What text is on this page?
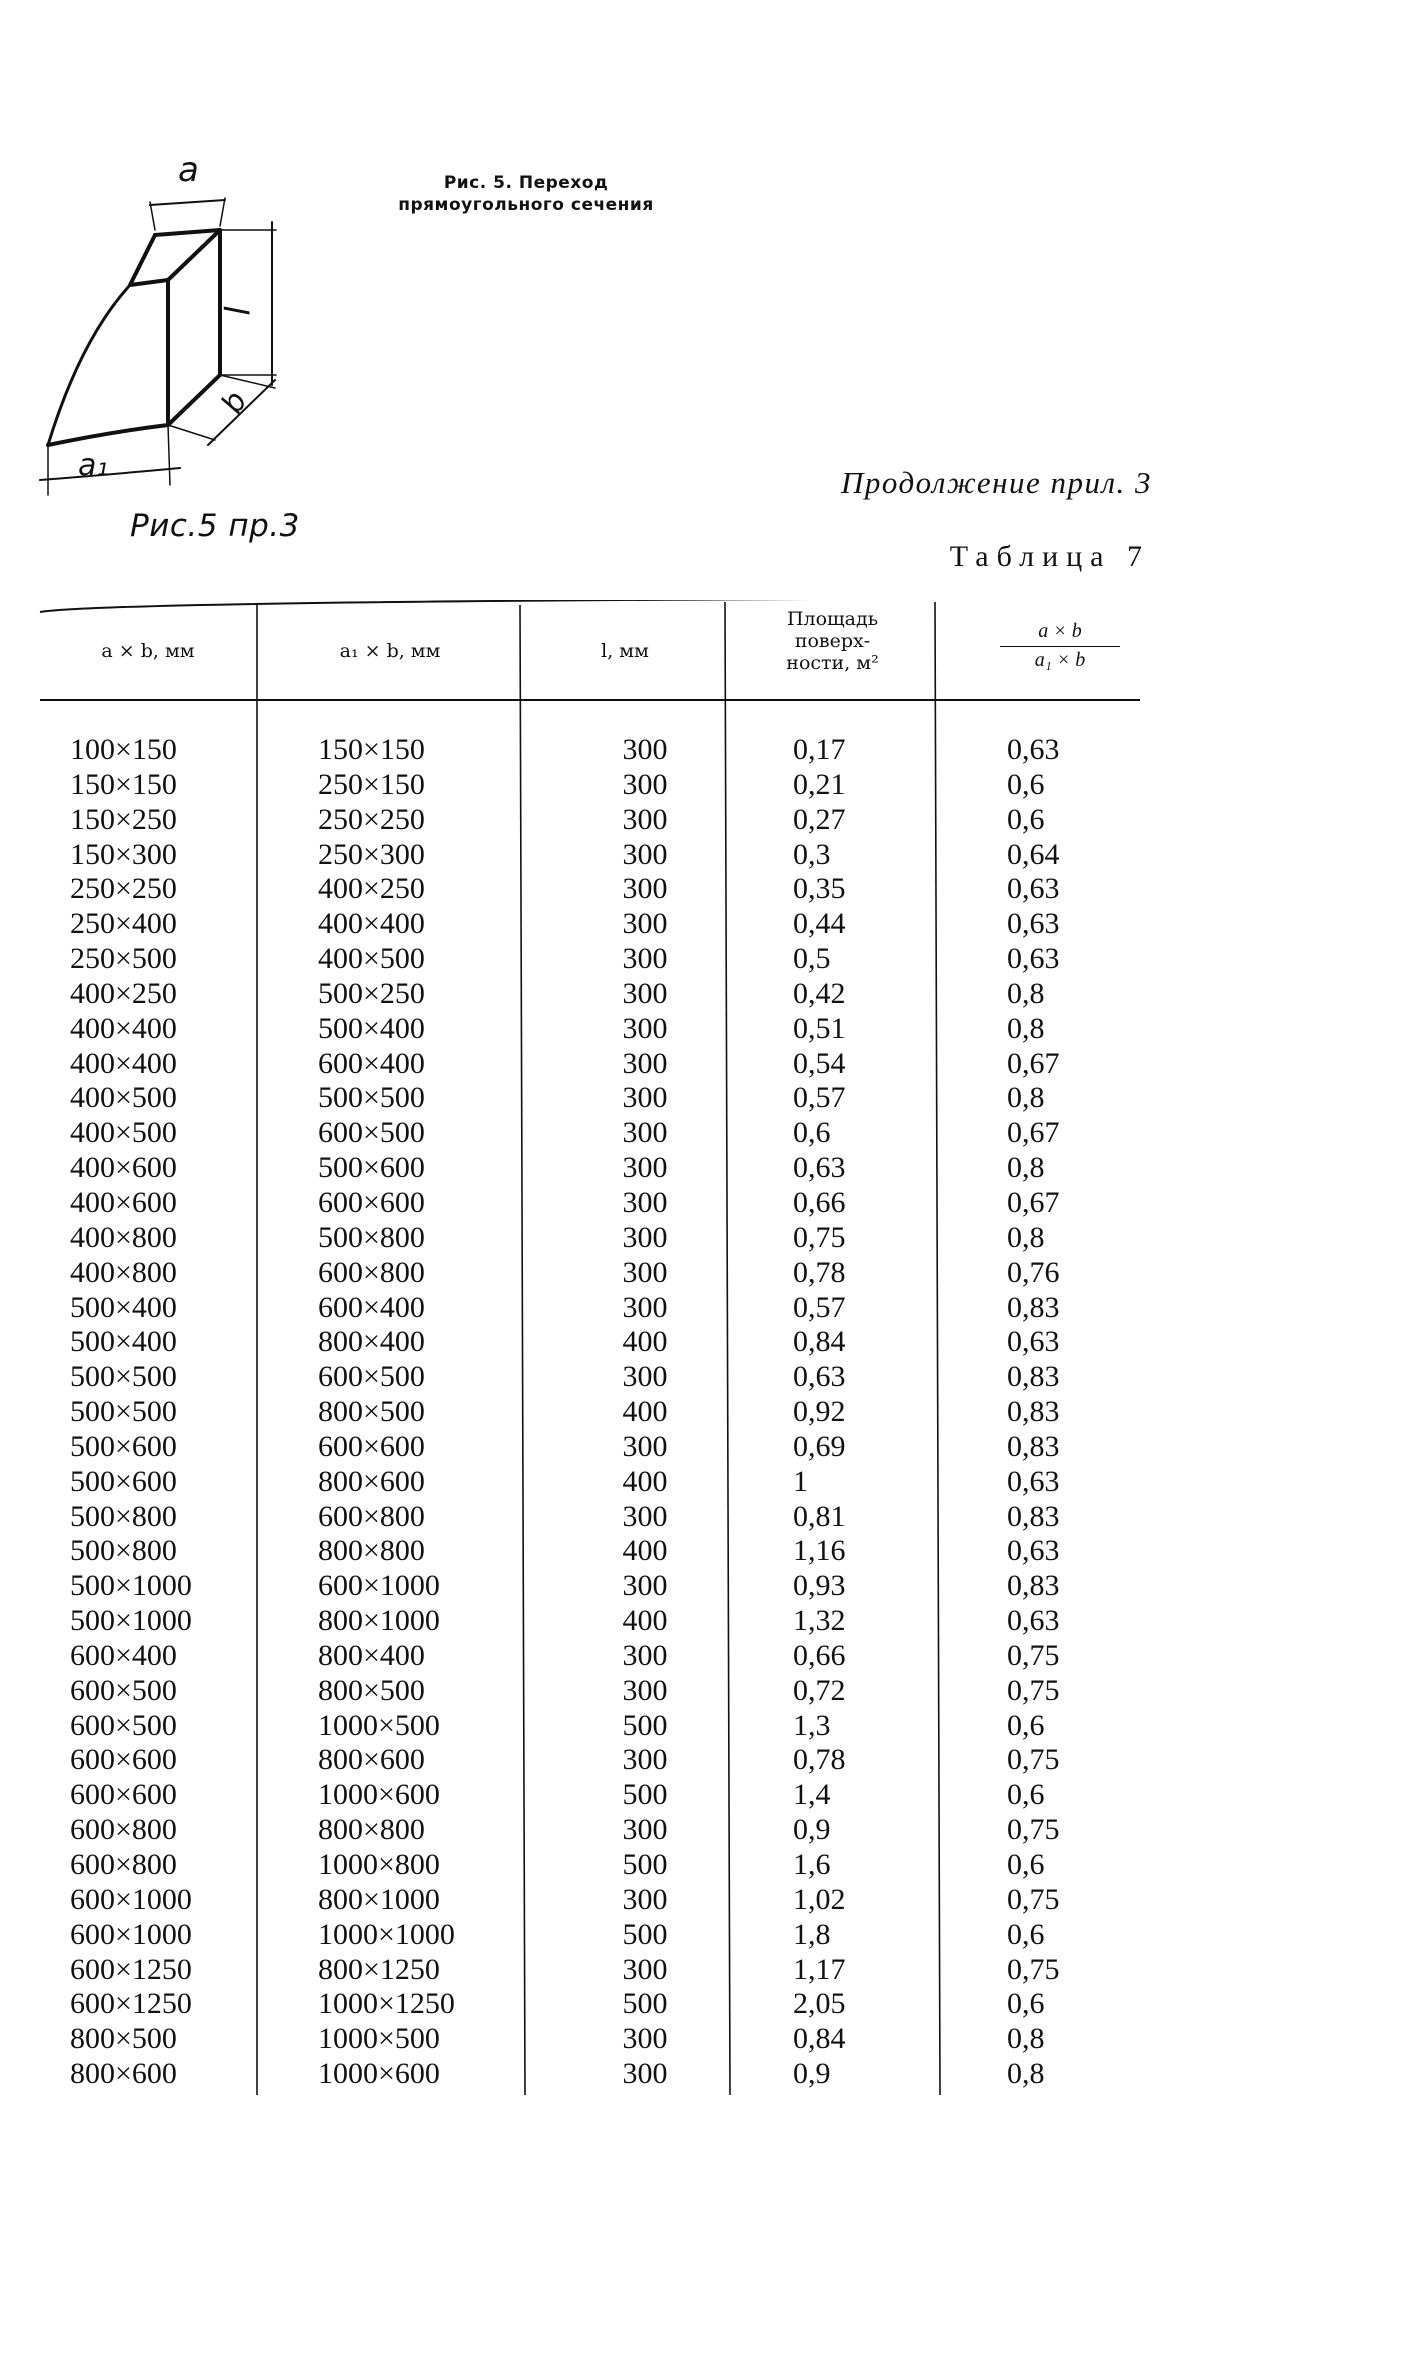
a
l
b
a₁
Рис. 5. Переход
прямоугольного сечения
Рис.5 пр.3
Продолжение прил. 3
Таблица 7
a × b, мм	a₁ × b, мм	l, мм
Площадь
поверх-
ности, м²	$\frac{a \times b}{\text{a₁ × b}}$
100×150	150×150	300	0,17	0,63
150×150	250×150	300	0,21	0,6
150×250	250×250	300	0,27	0,6
150×300	250×300	300	0,3	0,64
250×250	400×250	300	0,35	0,63
250×400	400×400	300	0,44	0,63
250×500	400×500	300	0,5	0,63
400×250	500×250	300	0,42	0,8
400×400	500×400	300	0,51	0,8
400×400	600×400	300	0,54	0,67
400×500	500×500	300	0,57	0,8
400×500	600×500	300	0,6	0,67
400×600	500×600	300	0,63	0,8
400×600	600×600	300	0,66	0,67
400×800	500×800	300	0,75	0,8
400×800	600×800	300	0,78	0,76
500×400	600×400	300	0,57	0,83
500×400	800×400	400	0,84	0,63
500×500	600×500	300	0,63	0,83
500×500	800×500	400	0,92	0,83
500×600	600×600	300	0,69	0,83
500×600	800×600	400	1	0,63
500×800	600×800	300	0,81	0,83
500×800	800×800	400	1,16	0,63
500×1000	600×1000	300	0,93	0,83
500×1000	800×1000	400	1,32	0,63
600×400	800×400	300	0,66	0,75
600×500	800×500	300	0,72	0,75
600×500	1000×500	500	1,3	0,6
600×600	800×600	300	0,78	0,75
600×600	1000×600	500	1,4	0,6
600×800	800×800	300	0,9	0,75
600×800	1000×800	500	1,6	0,6
600×1000	800×1000	300	1,02	0,75
600×1000	1000×1000	500	1,8	0,6
600×1250	800×1250	300	1,17	0,75
600×1250	1000×1250	500	2,05	0,6
800×500	1000×500	300	0,84	0,8
800×600	1000×600	300	0,9	0,8
